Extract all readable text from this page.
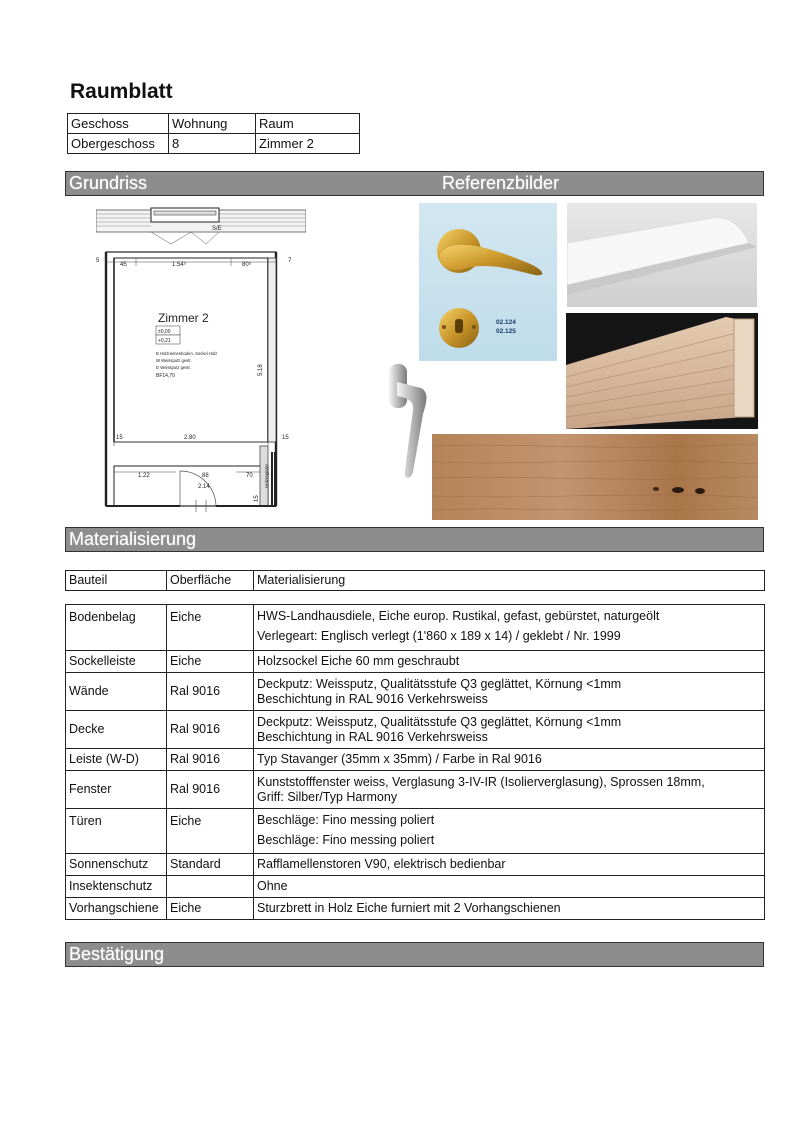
Raumblatt
Geschoss	Wohnung	Raum
Obergeschoss	8	Zimmer 2
Grundriss	Referenzbilder
S/E
5
45	1.54⁵	80⁵
7
Zimmer 2
±0,00
+0,21
B Holzriemenboden, Sockel Holz
W Weissputz gestr.
D Weissputz gestr.
BF14,70	5.18
15	2.80	15
1.22	88
2.14
70
15
Heizregister
02.124
02.125
Materialisierung
Bauteil	Oberfläche	Materialisierung
Bodenbelag	Eiche	HWS-Landhausdiele, Eiche europ. Rustikal, gefast, gebürstet, naturgeölt
Verlegeart: Englisch verlegt (1'860 x 189 x 14) / geklebt / Nr. 1999

Sockelleiste	Eiche	Holzsockel Eiche 60 mm geschraubt

Wände	Ral 9016	Deckputz: Weissputz, Qualitätsstufe Q3 geglättet, Körnung <1mm
Beschichtung in RAL 9016 Verkehrsweiss

Decke	Ral 9016	Deckputz: Weissputz, Qualitätsstufe Q3 geglättet, Körnung <1mm
Beschichtung in RAL 9016 Verkehrsweiss

Leiste (W-D)	Ral 9016	Typ Stavanger (35mm x 35mm) / Farbe in Ral 9016

Fenster	Ral 9016	Kunststofffenster weiss, Verglasung 3-IV-IR (Isolierverglasung), Sprossen 18mm,
Griff: Silber/Typ Harmony

Türen	Eiche	Beschläge: Fino messing poliert
Beschläge: Fino messing poliert

Sonnenschutz	Standard	Rafflamellenstoren V90, elektrisch bedienbar

Insektenschutz		Ohne

Vorhangschiene	Eiche	Sturzbrett in Holz Eiche furniert mit 2 Vorhangschienen
Bestätigung
